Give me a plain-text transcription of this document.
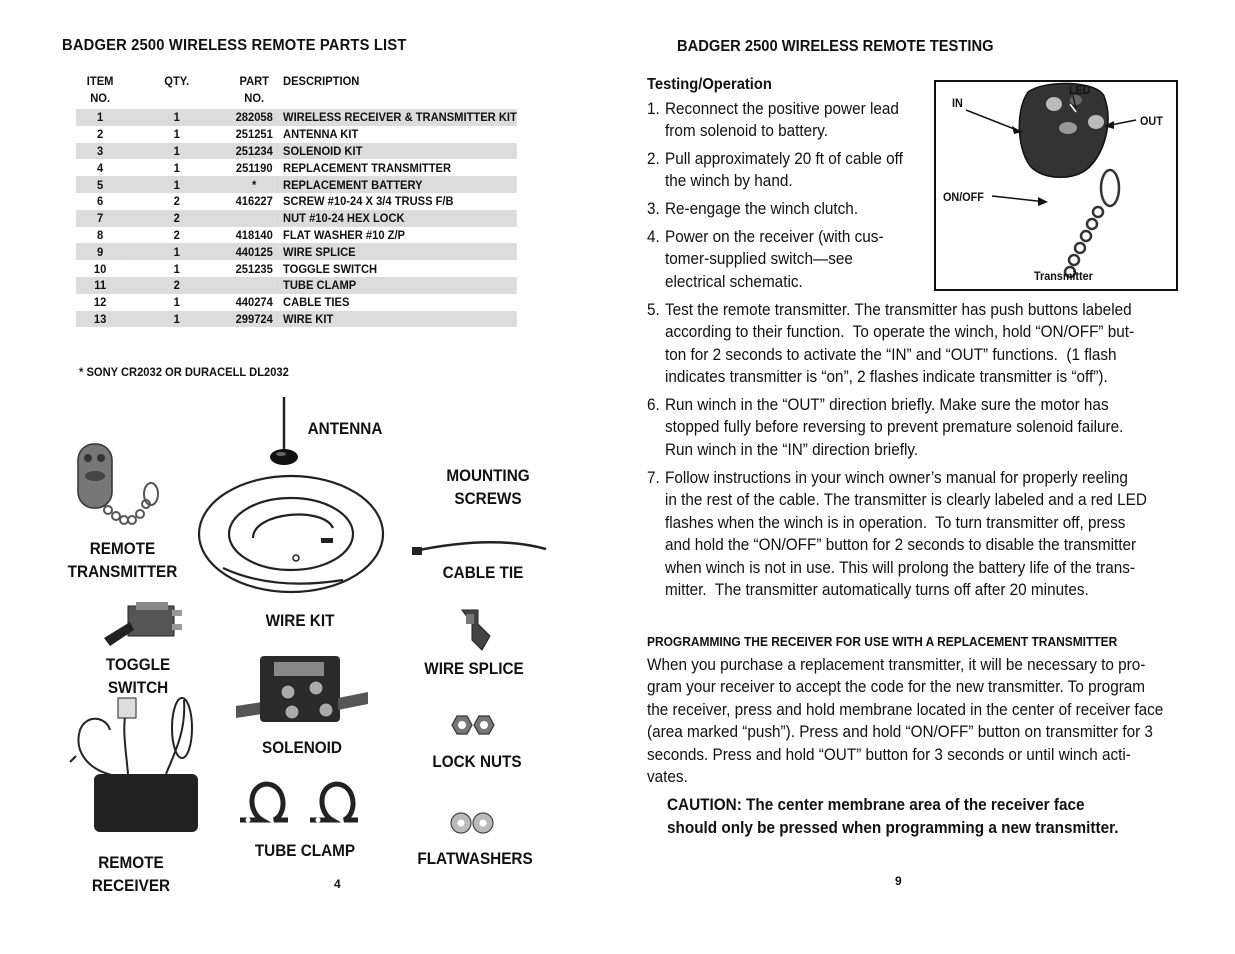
BADGER 2500 WIRELESS REMOTE PARTS LIST
ITEM
NO.	QTY.	PART
NO.	DESCRIPTION
1	1	282058	WIRELESS RECEIVER & TRANSMITTER KIT
2	1	251251	ANTENNA KIT
3	1	251234	SOLENOID KIT
4	1	251190	REPLACEMENT TRANSMITTER
5	1	*	REPLACEMENT BATTERY
6	2	416227	SCREW #10-24 X 3/4 TRUSS F/B
7	2		NUT #10-24 HEX LOCK
8	2	418140	FLAT WASHER #10 Z/P
9	1	440125	WIRE SPLICE
10	1	251235	TOGGLE SWITCH
11	2		TUBE CLAMP
12	1	440274	CABLE TIES
13	1	299724	WIRE KIT
* SONY CR2032 OR DURACELL DL2032
ANTENNA
MOUNTING
SCREWS
REMOTE
TRANSMITTER
WIRE KIT
CABLE TIE
TOGGLE SWITCH
WIRE SPLICE
SOLENOID
LOCK NUTS
REMOTE RECEIVER
TUBE CLAMP	FLATWASHERS
4
BADGER 2500 WIRELESS REMOTE TESTING
Testing/Operation	LED
IN
OUT
ON/OFF
Transmitter
1. Reconnect the positive power lead
from solenoid to battery.
2. Pull approximately 20 ft of cable off
the winch by hand.
3. Re-engage the winch clutch.
4. Power on the receiver (with cus-
tomer-supplied switch—see
electrical schematic.
5. Test the remote transmitter. The transmitter has push buttons labeled
according to their function.  To operate the winch, hold “ON/OFF” but-
ton for 2 seconds to activate the “IN” and “OUT” functions.  (1 flash
indicates transmitter is “on”, 2 flashes indicate transmitter is “off”).
6. Run winch in the “OUT” direction briefly. Make sure the motor has
stopped fully before reversing to prevent premature solenoid failure.
Run winch in the “IN” direction briefly.
7. Follow instructions in your winch owner’s manual for properly reeling
in the rest of the cable. The transmitter is clearly labeled and a red LED
flashes when the winch is in operation.  To turn transmitter off, press
and hold the “ON/OFF” button for 2 seconds to disable the transmitter
when winch is not in use. This will prolong the battery life of the trans-
mitter.  The transmitter automatically turns off after 20 minutes.
PROGRAMMING THE RECEIVER FOR USE WITH A REPLACEMENT TRANSMITTER
When you purchase a replacement transmitter, it will be necessary to pro-
gram your receiver to accept the code for the new transmitter. To program
the receiver, press and hold membrane located in the center of receiver face
(area marked “push”). Press and hold “ON/OFF” button on transmitter for 3
seconds. Press and hold “OUT” button for 3 seconds or until winch acti-
vates.
CAUTION: The center membrane area of the receiver face
should only be pressed when programming a new transmitter.
9
